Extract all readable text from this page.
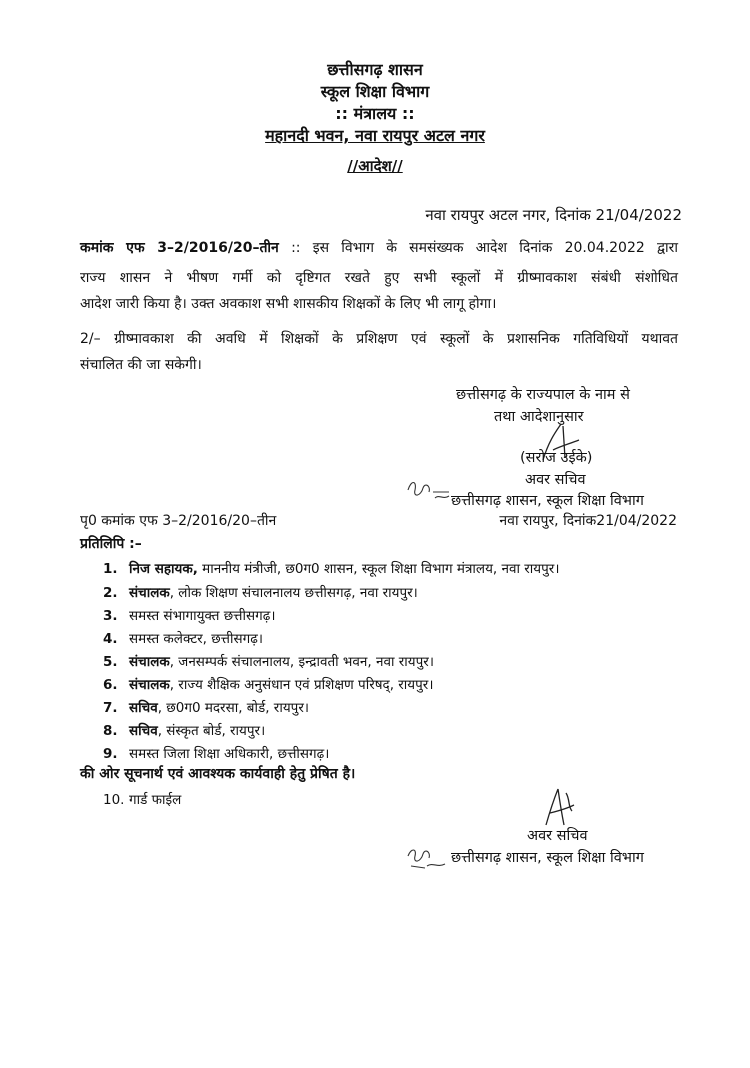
छत्तीसगढ़ शासन
स्कूल शिक्षा विभाग
:: मंत्रालय ::
महानदी भवन, नवा रायपुर अटल नगर
//आदेश//
नवा रायपुर अटल नगर, दिनांक 21/04/2022
कमांक एफ 3–2/2016/20–तीन :: इस विभाग के समसंख्यक आदेश दिनांक 20.04.2022 द्वारा
राज्य शासन ने भीषण गर्मी को दृष्टिगत रखते हुए सभी स्कूलों में ग्रीष्मावकाश संबंधी संशोधित
आदेश जारी किया है। उक्त अवकाश सभी शासकीय शिक्षकों के लिए भी लागू होगा।
2/– ग्रीष्मावकाश की अवधि में शिक्षकों के प्रशिक्षण एवं स्कूलों के प्रशासनिक गतिविधियों यथावत
संचालित की जा सकेगी।
छत्तीसगढ़ के राज्यपाल के नाम से
तथा आदेशानुसार
(सरोज उईके)
अवर सचिव
छत्तीसगढ़ शासन, स्कूल शिक्षा विभाग
पृ0 कमांक एफ 3–2/2016/20–तीन	नवा रायपुर, दिनांक21/04/2022
प्रतिलिपि :–
1. निज सहायक, माननीय मंत्रीजी, छ0ग0 शासन, स्कूल शिक्षा विभाग मंत्रालय, नवा रायपुर।
2. संचालक, लोक शिक्षण संचालनालय छत्तीसगढ़, नवा रायपुर।
3. समस्त संभागायुक्त छत्तीसगढ़।
4. समस्त कलेक्टर, छत्तीसगढ़।
5. संचालक, जनसम्पर्क संचालनालय, इन्द्रावती भवन, नवा रायपुर।
6. संचालक, राज्य शैक्षिक अनुसंधान एवं प्रशिक्षण परिषद्, रायपुर।
7. सचिव, छ0ग0 मदरसा, बोर्ड, रायपुर।
8. सचिव, संस्कृत बोर्ड, रायपुर।
9. समस्त जिला शिक्षा अधिकारी, छत्तीसगढ़।
की ओर सूचनार्थ एवं आवश्यक कार्यवाही हेतु प्रेषित है।
10. गार्ड फाईल
अवर सचिव
छत्तीसगढ़ शासन, स्कूल शिक्षा विभाग
